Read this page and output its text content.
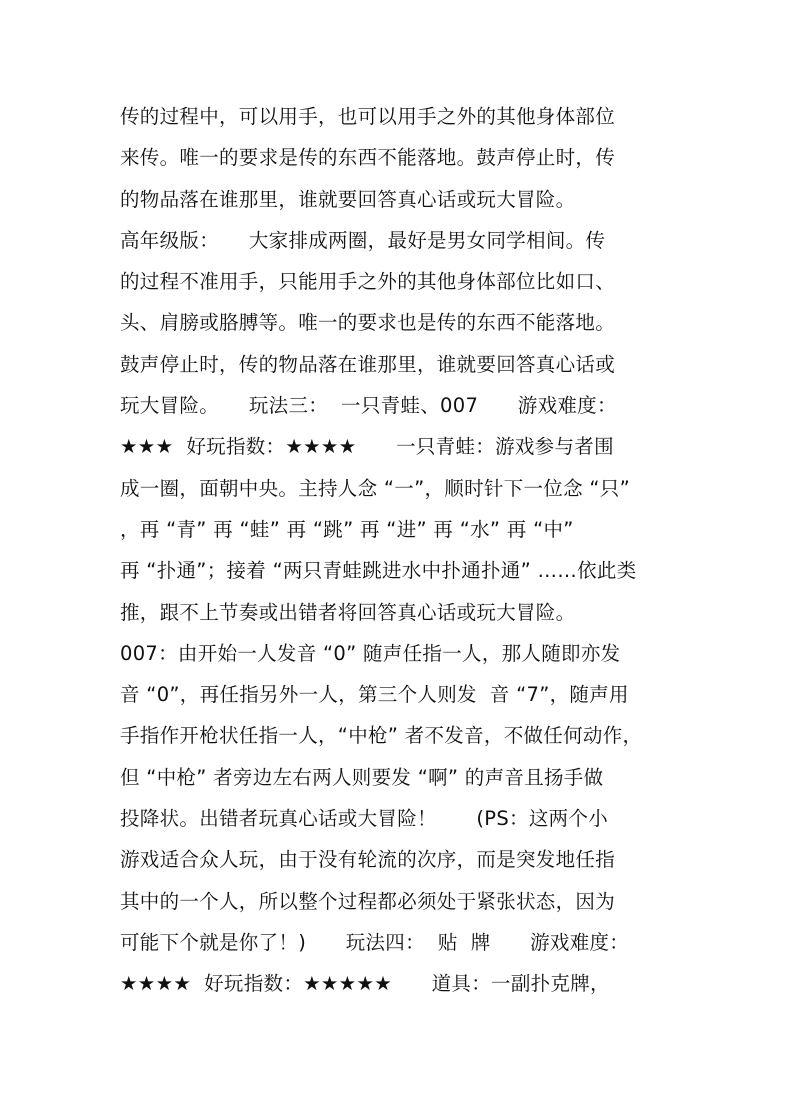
传的过程中，可以用手，也可以用手之外的其他身体部位
来传。唯一的要求是传的东西不能落地。鼓声停止时，传
的物品落在谁那里，谁就要回答真心话或玩大冒险。
高年级版：　　大家排成两圈，最好是男女同学相间。传
的过程不准用手，只能用手之外的其他身体部位比如口、
头、肩膀或胳膊等。唯一的要求也是传的东西不能落地。
鼓声停止时，传的物品落在谁那里，谁就要回答真心话或
玩大冒险。　　玩法三：  一只青蛙、007　　游戏难度：
★★★  好玩指数：★★★★　　一只青蛙：游戏参与者围
成一圈，面朝中央。主持人念 “一”，顺时针下一位念 “只”
，再 “青” 再 “蛙” 再 “跳” 再 “进” 再 “水” 再 “中”
再 “扑通”；接着 “两只青蛙跳进水中扑通扑通” ……依此类
推，跟不上节奏或出错者将回答真心话或玩大冒险。
007：由开始一人发音 “0” 随声任指一人，那人随即亦发
音 “0”，再任指另外一人，第三个人则发  音 “7”，随声用
手指作开枪状任指一人，“中枪” 者不发音，不做任何动作，
但 “中枪” 者旁边左右两人则要发 “啊” 的声音且扬手做
投降状。出错者玩真心话或大冒险！　　(PS：这两个小
游戏适合众人玩，由于没有轮流的次序，而是突发地任指
其中的一个人，所以整个过程都必须处于紧张状态，因为
可能下个就是你了！)　　玩法四：  贴  牌　　游戏难度：
★★★★  好玩指数：★★★★★　　道具：一副扑克牌，
